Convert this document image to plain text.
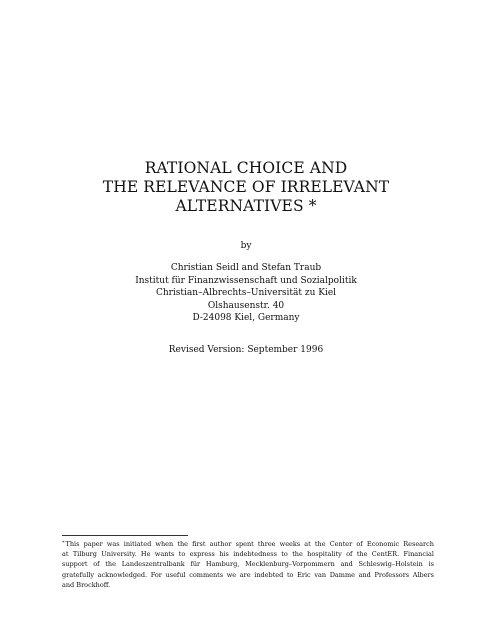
RATIONAL CHOICE AND
THE RELEVANCE OF IRRELEVANT
ALTERNATIVES *
by
Christian Seidl and Stefan Traub
Institut für Finanzwissenschaft und Sozialpolitik
Christian–Albrechts–Universität zu Kiel
Olshausenstr. 40
D-24098 Kiel, Germany
Revised Version: September 1996
*This paper was initiated when the first author spent three weeks at the Center of Economic Research
at Tilburg University. He wants to express his indebtedness to the hospitality of the CentER. Financial
support of the Landeszentralbank für Hamburg, Mecklenburg–Vorpommern and Schleswig–Holstein is
gratefully acknowledged. For useful comments we are indebted to Eric van Damme and Professors Albers
and Brockhoff.
